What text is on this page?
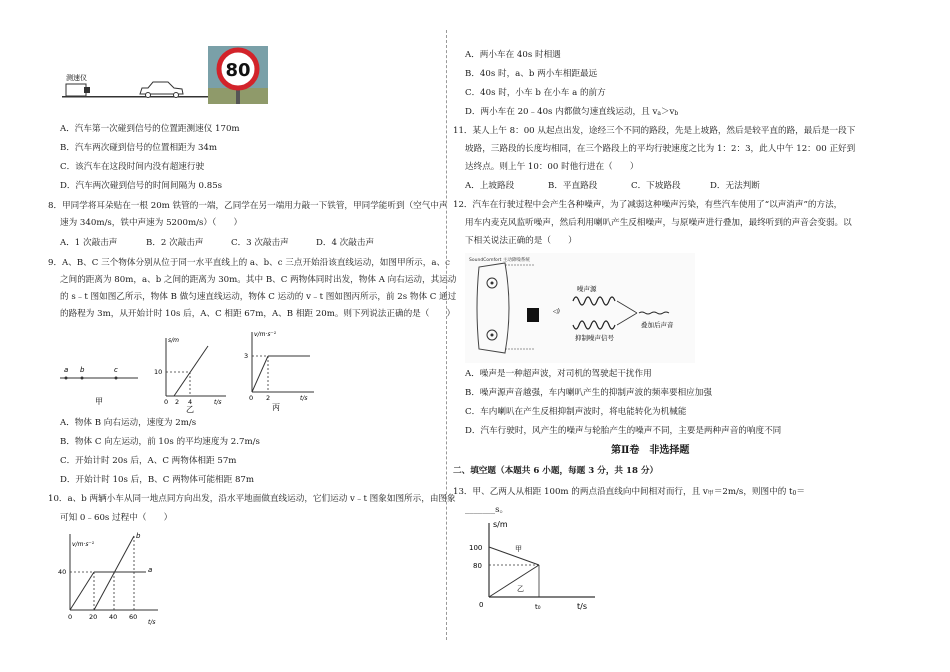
测速仪	80
A．汽车第一次碰到信号的位置距测速仪 170m
B．汽车两次碰到信号的位置相距为 34m
C．该汽车在这段时间内没有超速行驶
D．汽车两次碰到信号的时间间隔为 0.85s
8．甲同学将耳朵贴在一根 20m 铁管的一端，乙同学在另一端用力敲一下铁管，甲同学能听到（空气中声
速为 340m/s，铁中声速为 5200m/s）（　　）
A．1 次敲击声	B．2 次敲击声	C．3 次敲击声	D．4 次敲击声
9．A、B、C 三个物体分别从位于同一水平直线上的 a、b、c 三点开始沿该直线运动，如图甲所示，a、c
之间的距离为 80m，a、b 之间的距离为 30m。其中 B、C 两物体同时出发，物体 A 向右运动，其运动
的 s﹣t 图如图乙所示，物体 B 做匀速直线运动，物体 C 运动的 v﹣t 图如图丙所示，前 2s 物体 C 通过
的路程为 3m，从开始计时 10s 后，A、C 相距 67m，A、B 相距 20m。则下列说法正确的是（　　）
a b	c
甲
s/m
10
0 2 4	t/s
乙
v/m·s⁻¹
3
0 2	t/s
丙
A．物体 B 向右运动，速度为 2m/s
B．物体 C 向左运动，前 10s 的平均速度为 2.7m/s
C．开始计时 20s 后，A、C 两物体相距 57m
D．开始计时 10s 后，B、C 两物体可能相距 87m
10．a、b 两辆小车从同一地点同方向出发，沿水平地面做直线运动，它们运动 v﹣t 图象如图所示，由图象
可知 0﹣60s 过程中（　　）
v/m·s⁻¹
40
0	20 40 60
t/s
b
a
A．两小车在 40s 时相遇
B．40s 时，a、b 两小车相距最远
C．40s 时，小车 b 在小车 a 的前方
D．两小车在 20﹣40s 内都做匀速直线运动，且 va＞vb
11．某人上午 8：00 从起点出发，途经三个不同的路段，先是上坡路，然后是较平直的路，最后是一段下
坡路，三路段的长度均相同，在三个路段上的平均行驶速度之比为 1：2：3，此人中午 12：00 正好到
达终点。则上午 10：00 时他行进在（　　）
A．上坡路段	B．平直路段	C．下坡路段	D．无法判断
12．汽车在行驶过程中会产生各种噪声，为了减弱这种噪声污染，有些汽车使用了“以声消声”的方法，
用车内麦克风监听噪声，然后利用喇叭产生反相噪声，与原噪声进行叠加，最终听到的声音会变弱。以
下相关说法正确的是（　　）
SoundComfort 主动降噪系统
◁)
噪声源
抑制噪声信号
叠加后声音
A．噪声是一种超声波，对司机的驾驶起干扰作用
B．噪声源声音越强，车内喇叭产生的抑制声波的频率要相应加强
C．车内喇叭在产生反相抑制声波时，将电能转化为机械能
D．汽车行驶时，风产生的噪声与轮胎产生的噪声不同，主要是两种声音的响度不同
第Ⅱ卷　非选择题
二、填空题（本题共 6 小题，每题 3 分，共 18 分）
13．甲、乙两人从相距 100m 的两点沿直线向中间相对而行，且 v甲＝2m/s，则图中的 t0＝
_______s。
s/m
100
80
0	t₀	t/s
甲
乙
